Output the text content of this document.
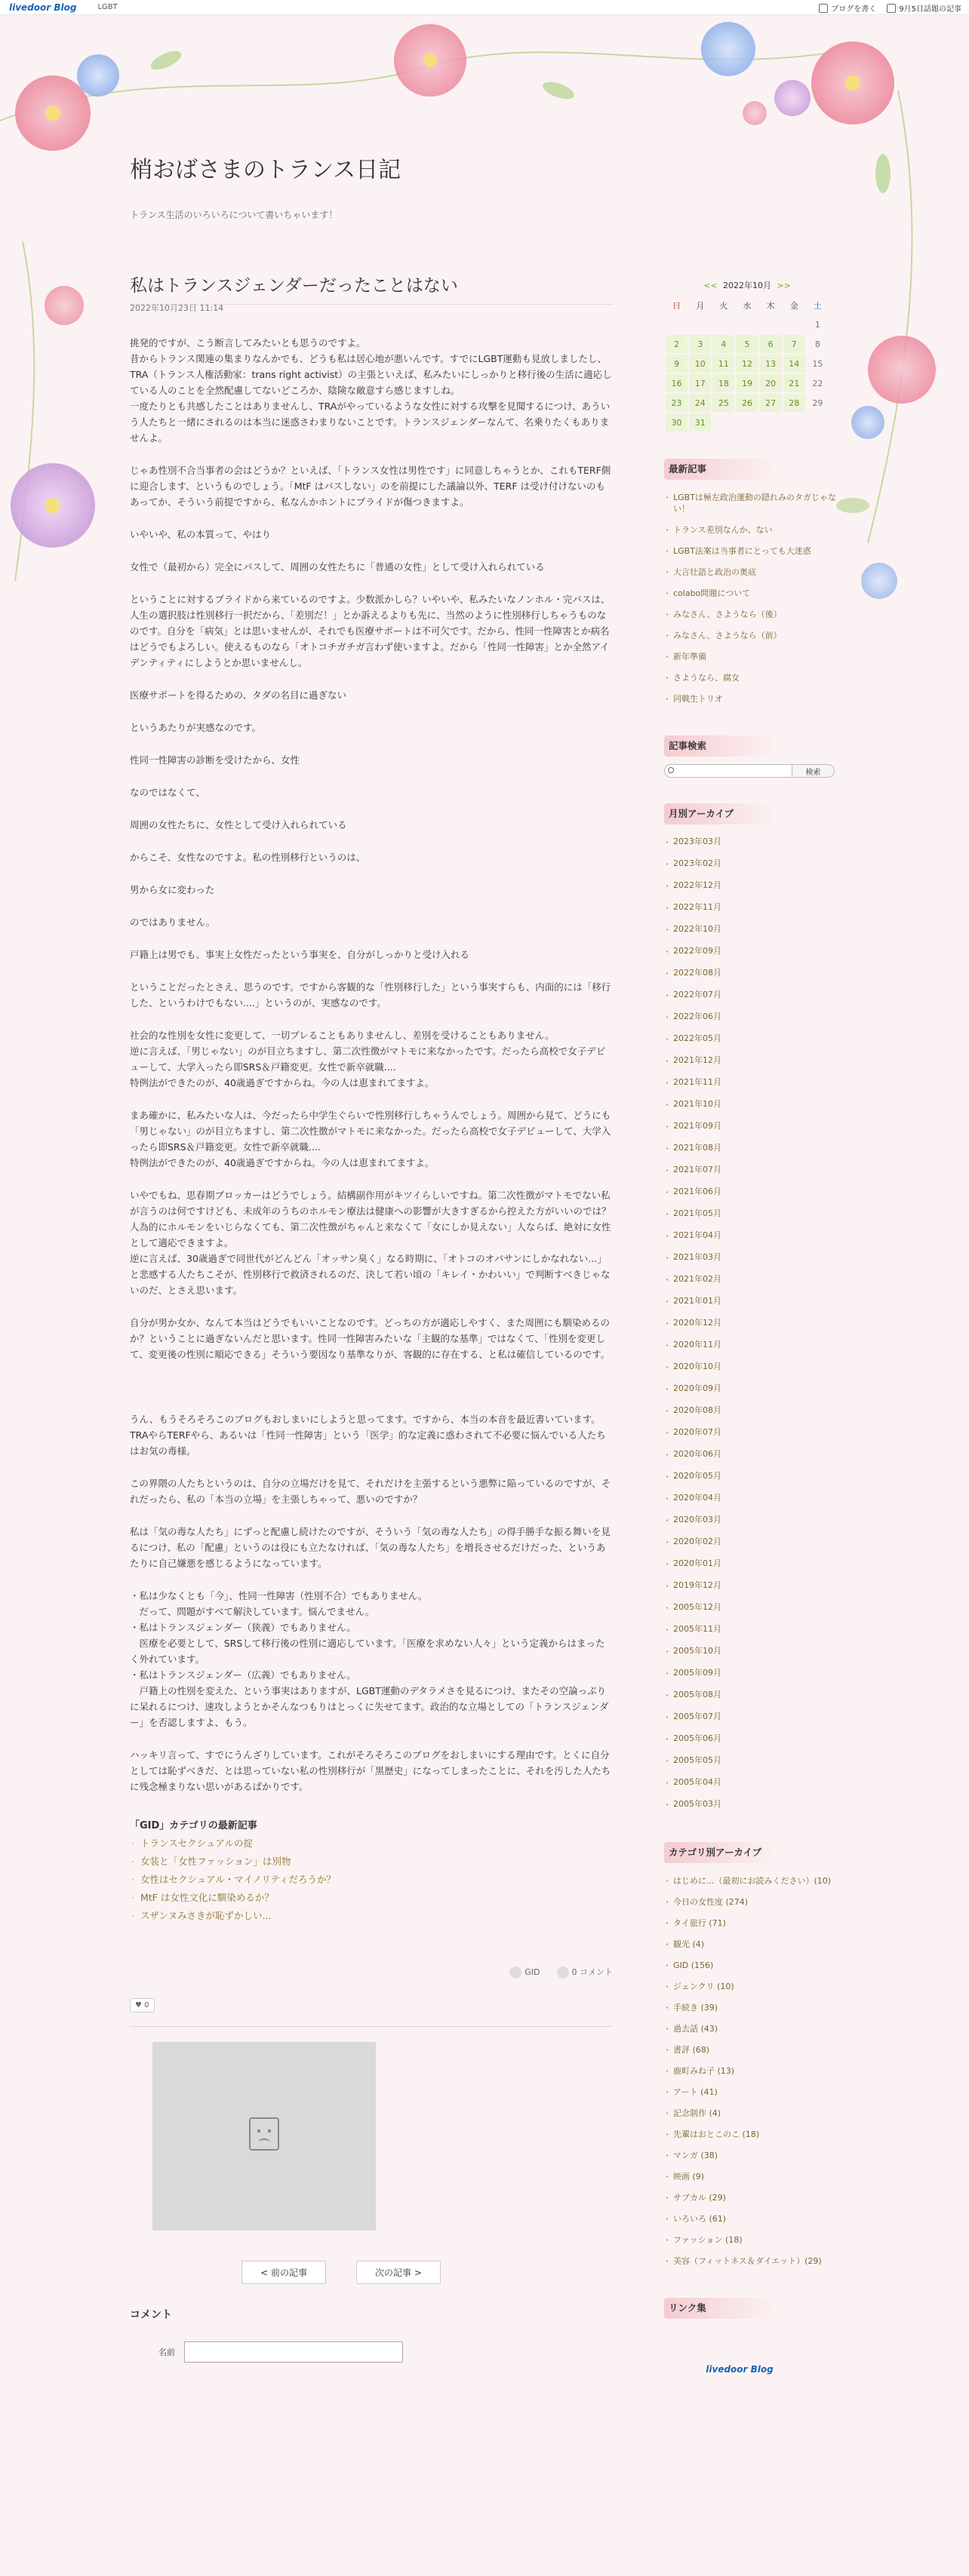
livedoor Blog	LGBT	ブログを書く	9月5日話題の記事
梢おばさまのトランス日記
トランス生活のいろいろについて書いちゃいます！
私はトランスジェンダーだったことはない
2022年10月23日 11:14

挑発的ですが、こう断言してみたいとも思うのですよ。
昔からトランス関連の集まりなんかでも、どうも私は居心地が悪いんです。すでにLGBT運動も見放しましたし、TRA（トランス人権活動家：trans right activist）の主張といえば、私みたいにしっかりと移行後の生活に適応している人のことを全然配慮してないどころか、陰険な敵意すら感じますしね。
一度たりとも共感したことはありませんし、TRAがやっているような女性に対する攻撃を見聞するにつけ、あういう人たちと一緒にされるのは本当に迷惑さわまりないことです。トランスジェンダーなんて、名乗りたくもありませんよ。

じゃあ性別不合当事者の会はどうか？といえば、「トランス女性は男性です」に同意しちゃうとか、これもTERF側に迎合します、というものでしょう。「MtF はパスしない」のを前提にした議論以外、TERF は受け付けないのもあってか、そういう前提ですから、私なんかホントにプライドが傷つきますよ。

いやいや、私の本質って、やはり

女性で（最初から）完全にパスして、周囲の女性たちに「普通の女性」として受け入れられている

ということに対するプライドから来ているのですよ。少数派かしら？いやいや、私みたいなノンホル・完パスは、人生の選択肢は性別移行一択だから、「差別だ！」とか訴えるよりも先に、当然のように性別移行しちゃうものなのです。自分を「病気」とは思いませんが、それでも医療サポートは不可欠です。だから、性同一性障害とか病名はどうでもよろしい。使えるものなら「オトコチガチガ言わず使いますよ。だから「性同一性障害」とか全然アイデンティティにしようとか思いませんし。

医療サポートを得るための、タダの名目に過ぎない

というあたりが実感なのです。

性同一性障害の診断を受けたから、女性

なのではなくて、

周囲の女性たちに、女性として受け入れられている

からこそ、女性なのですよ。私の性別移行というのは、

男から女に変わった

のではありません。

戸籍上は男でも、事実上女性だったという事実を、自分がしっかりと受け入れる

ということだったとさえ、思うのです。ですから客観的な「性別移行した」という事実すらも、内面的には「移行した、というわけでもない....」というのが、実感なのです。

社会的な性別を女性に変更して、一切プレることもありませんし、差別を受けることもありません。
逆に言えば、「男じゃない」のが目立ちますし、第二次性徴がマトモに来なかったです。だったら高校で女子デビューして、大学入ったら即SRS＆戸籍変更。女性で新卒就職....
特例法ができたのが、40歳過ぎですからね。今の人は恵まれてますよ。

まあ確かに、私みたいな人は、今だったら中学生ぐらいで性別移行しちゃうんでしょう。周囲から見て、どうにも「男じゃない」のが目立ちますし、第二次性徴がマトモに来なかった。だったら高校で女子デビューして、大学入ったら即SRS＆戸籍変更。女性で新卒就職....
特例法ができたのが、40歳過ぎですからね。今の人は恵まれてますよ。

いやでもね、思春期ブロッカーはどうでしょう。結構副作用がキツイらしいですね。第二次性徴がマトモでない私が言うのは何ですけども、未成年のうちのホルモン療法は健康への影響が大きすぎるから控えた方がいいのでは？人為的にホルモンをいじらなくても、第二次性徴がちゃんと来なくて「女にしか見えない」人ならば、絶対に女性として適応できますよ。
逆に言えば、30歳過ぎで同世代がどんどん「オッサン臭く」なる時期に、「オトコのオバサンにしかなれない...」と悲感する人たちこそが、性別移行で救済されるのだ、決して若い頃の「キレイ・かわいい」で判断すべきじゃないのだ、とさえ思います。

自分が男か女か、なんて本当はどうでもいいことなのです。どっちの方が適応しやすく、また周囲にも馴染めるのか？ということに過ぎないんだと思います。性同一性障害みたいな「主観的な基準」ではなくて、「性別を変更して、変更後の性別に順応できる」そういう要因なり基準なりが、客観的に存在する、と私は確信しているのです。

うん、もうそろそろこのブログもおしまいにしようと思ってます。ですから、本当の本音を最近書いています。TRAやらTERFやら、あるいは「性同一性障害」という「医学」的な定義に惑わされて不必要に悩んでいる人たちはお気の毒様。

この界隈の人たちというのは、自分の立場だけを見て、それだけを主張するという悪弊に陥っているのですが、それだったら、私の「本当の立場」を主張しちゃって、悪いのですか？

私は「気の毒な人たち」にずっと配慮し続けたのですが、そういう「気の毒な人たち」の得手勝手な振る舞いを見るにつけ、私の「配慮」というのは役にも立たなければ、「気の毒な人たち」を増長させるだけだった、というあたりに自己嫌悪を感じるようになっています。

・私は少なくとも「今」、性同一性障害（性別不合）でもありません。
　だって、問題がすべて解決しています。悩んでません。
・私はトランスジェンダー（狭義）でもありません。
　医療を必要として、SRSして移行後の性別に適応しています。「医療を求めない人々」という定義からはまったく外れています。
・私はトランスジェンダー（広義）でもありません。
　戸籍上の性別を変えた、という事実はありますが、LGBT運動のデタラメさを見るにつけ、またその空論っぷりに呆れるにつけ、速攻しようとかそんなつもりはとっくに失せてます。政治的な立場としての「トランスジェンダー」を否認しますよ、もう。

ハッキリ言って、すでにうんざりしています。これがそろそろこのブログをおしまいにする理由です。とくに自分としては恥ずべきだ、とは思っていない私の性別移行が「黒歴史」になってしまったことに、それを汚した人たちに残念極まりない思いがあるばかりです。

「GID」カテゴリの最新記事
· トランスセクシュアルの掟
· 女装と「女性ファッション」は別物
· 女性はセクシュアル・マイノリティだろうか？
· MtF は女性文化に馴染めるか？
· スザンヌみさきが恥ずかしい...
GID	0 コメント
♥ 0
< 前の記事	次の記事 >
コメント
名前
<< 2022年10月 >>
日	月	火	水	木	金	土
						1
2	3	4	5	6	7	8
9	10	11	12	13	14	15
16	17	18	19	20	21	22
23	24	25	26	27	28	29
30	31					
最新記事
· LGBTは極左政治運動の隠れみのタガじゃない！
· トランス差別なんか、ない
· LGBT法案は当事者にとっても大迷惑
· 大言壮語と政治の奥底
· colabo問題について
· みなさん、さようなら（後）
· みなさん、さようなら（前）
· 新年準備
· さようなら、腐女
· 同戦生トリオ
記事検索
検索
月別アーカイブ
· 2023年03月
· 2023年02月
· 2022年12月
· 2022年11月
· 2022年10月
· 2022年09月
· 2022年08月
· 2022年07月
· 2022年06月
· 2022年05月
· 2021年12月
· 2021年11月
· 2021年10月
· 2021年09月
· 2021年08月
· 2021年07月
· 2021年06月
· 2021年05月
· 2021年04月
· 2021年03月
· 2021年02月
· 2021年01月
· 2020年12月
· 2020年11月
· 2020年10月
· 2020年09月
· 2020年08月
· 2020年07月
· 2020年06月
· 2020年05月
· 2020年04月
· 2020年03月
· 2020年02月
· 2020年01月
· 2019年12月
· 2005年12月
· 2005年11月
· 2005年10月
· 2005年09月
· 2005年08月
· 2005年07月
· 2005年06月
· 2005年05月
· 2005年04月
· 2005年03月
カテゴリ別アーカイブ
· はじめに...（最初にお読みください）(10)
· 今日の女性度 (274)
· タイ旅行 (71)
· 観光 (4)
· GID (156)
· ジェンクリ (10)
· 手続き (39)
· 過去話 (43)
· 書評 (68)
· 鹿町みね子 (13)
· アート (41)
· 記念制作 (4)
· 先輩はおとこのこ (18)
· マンガ (38)
· 映画 (9)
· サブカル (29)
· いろいろ (61)
· ファッション (18)
· 美容（フィットネス＆ダイエット）(29)
リンク集
livedoor Blog
